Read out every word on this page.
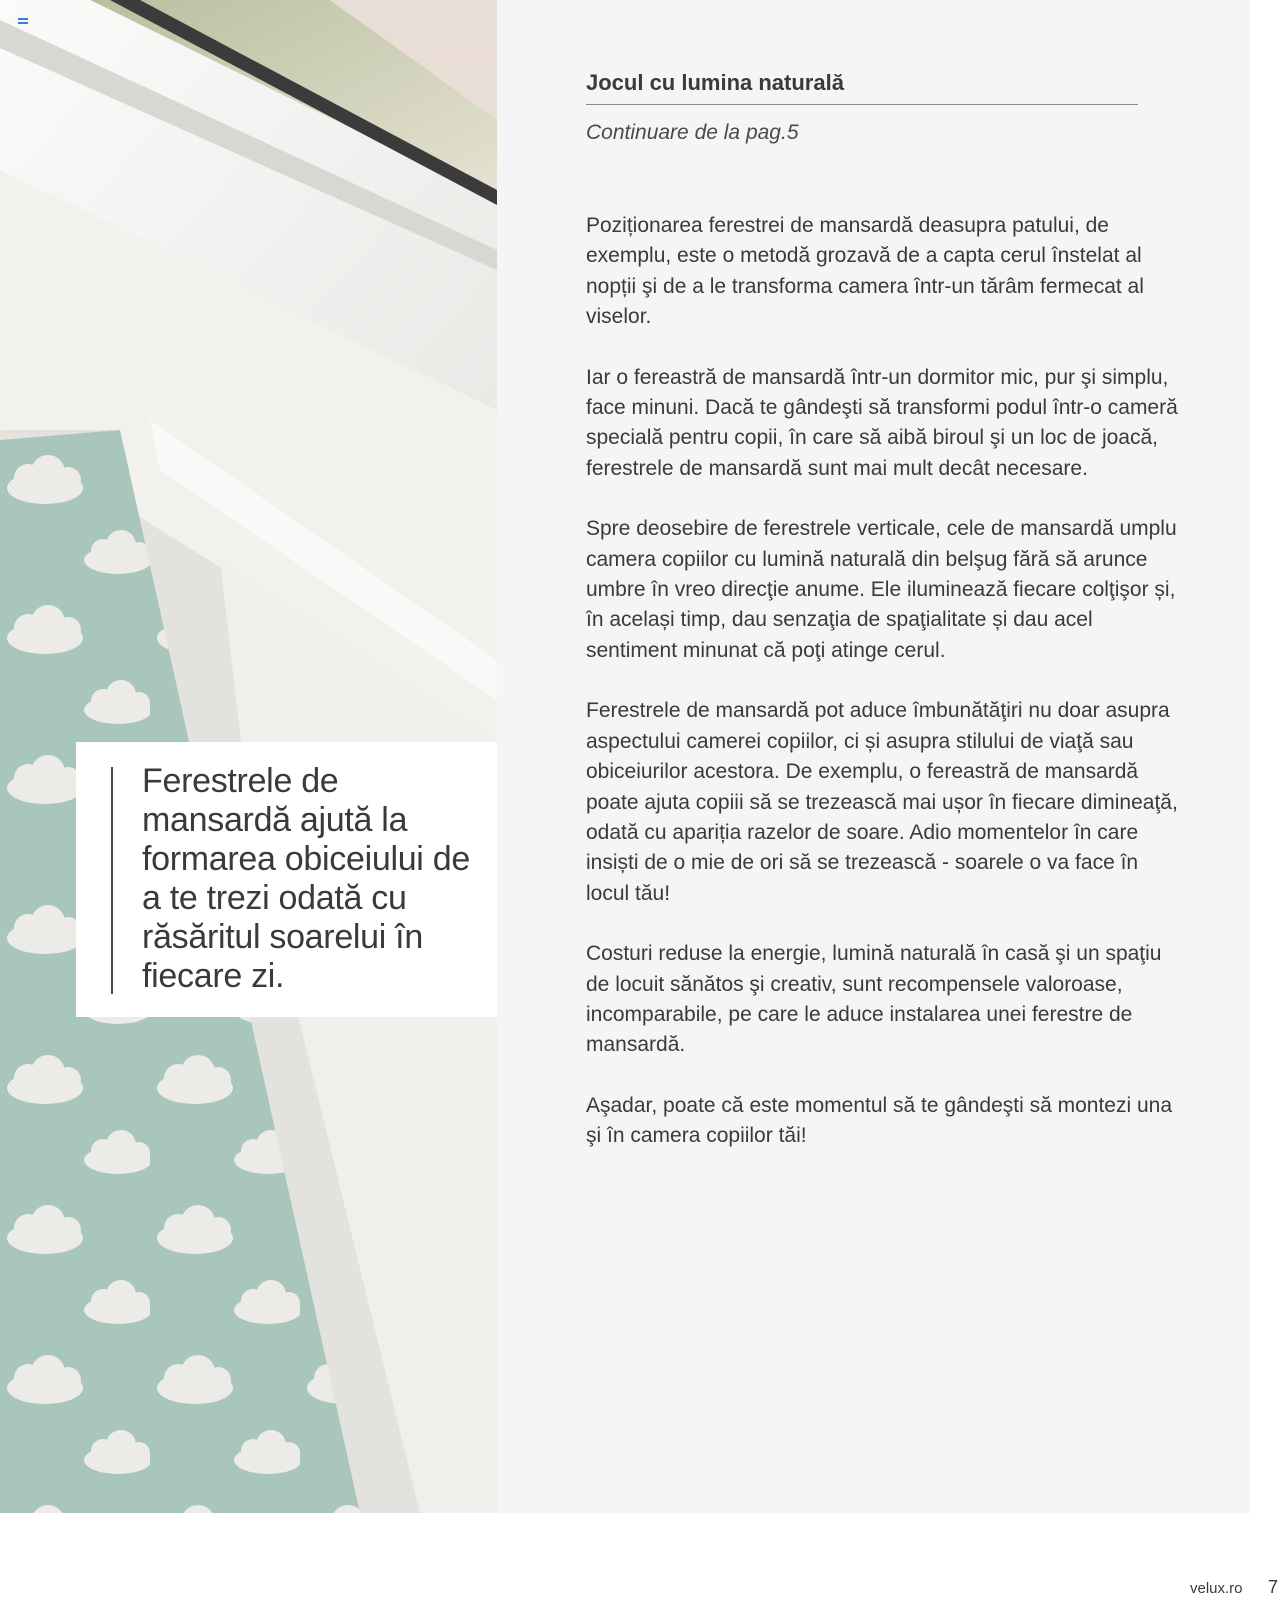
Ferestrele de mansardă ajută la formarea obiceiului de a te trezi odată cu răsăritul soarelui în fiecare zi.
Jocul cu lumina naturală
Continuare de la pag.5

Poziționarea ferestrei de mansardă deasupra patului, de exemplu, este o metodă grozavă de a capta cerul înstelat al nopții şi de a le transforma camera într-un tărâm fermecat al viselor.

Iar o fereastră de mansardă într-un dormitor mic, pur şi simplu, face minuni. Dacă te gândeşti să transformi podul într-o cameră specială pentru copii, în care să aibă biroul şi un loc de joacă, ferestrele de mansardă sunt mai mult decât necesare.

Spre deosebire de ferestrele verticale, cele de mansardă umplu camera copiilor cu lumină naturală din belşug fără să arunce umbre în vreo direcţie anume. Ele iluminează fiecare colţişor și, în același timp, dau senzaţia de spaţialitate și dau acel sentiment minunat că poţi atinge cerul.

Ferestrele de mansardă pot aduce îmbunătăţiri nu doar asupra aspectului camerei copiilor, ci și asupra stilului de viaţă sau obiceiurilor acestora. De exemplu, o fereastră de mansardă poate ajuta copiii să se trezească mai ușor în fiecare dimineaţă, odată cu apariția razelor de soare. Adio momentelor în care insiști de o mie de ori să se trezească - soarele o va face în locul tău!

Costuri reduse la energie, lumină naturală în casă şi un spaţiu de locuit sănătos şi creativ, sunt recompensele valoroase, incomparabile, pe care le aduce instalarea unei ferestre de mansardă.

Aşadar, poate că este momentul să te gândeşti să montezi una şi în camera copiilor tăi!

velux.ro 7
